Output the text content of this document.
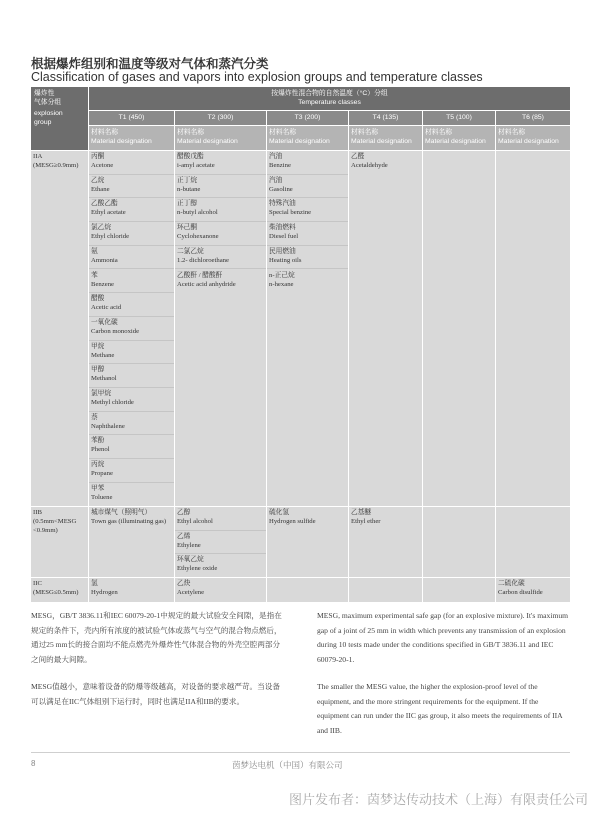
根据爆炸组别和温度等级对气体和蒸汽分类
Classification of gases and vapors into explosion groups and temperature classes
爆炸性
气体分组
explosion
group
按爆炸性混合物的自然温度（°C）分组
Temperature classes
T1 (450)
材料名称
Material designation
T2 (300)
材料名称
Material designation
T3 (200)
材料名称
Material designation
T4 (135)
材料名称
Material designation
T5 (100)
材料名称
Material designation
T6 (85)
材料名称
Material designation
IIA
(MESG≥0.9mm)
丙酮
Acetone
乙烷
Ethane
乙酸乙酯
Ethyl acetate
氯乙烷
Ethyl chloride
氨
Ammonia
苯
Benzene
醋酸
Acetic acid
一氧化碳
Carbon monoxide
甲烷
Methane
甲醇
Methanol
氯甲烷
Methyl chloride
萘
Naphthalene
苯酚
Phenol
丙烷
Propane
甲苯
Toluene
醋酸戊酯
i-amyl acetate
正丁烷
n-butane
正丁醇
n-butyl alcohol
环己酮
Cyclohexanone
二氯乙烷
1.2- dichloroethane
乙酸酐 / 醋酸酐
Acetic acid anhydride
汽油
Benzine
汽油
Gasoline
特殊汽油
Special benzine
柴油燃料
Diesel fuel
民用燃油
Heating oils
n-正己烷
n-hexane
乙醛
Acetaldehyde
IIB
(0.5mm<MESG <0.9mm)
城市煤气（照明气）
Town gas (illuminating gas)
乙醇
Ethyl alcohol
乙烯
Ethylene
环氧乙烷
Ethylene oxide
硫化氢
Hydrogen sulfide
乙基醚
Ethyl ether
IIC
(MESG≤0.5mm)
氢
Hydrogen
乙炔
Acetylene
二硫化碳
Carbon disulfide
MESG，GB/T 3836.11和IEC 60079-20-1中规定的最大试验安全间隙，是指在规定的条件下，壳内所有浓度的被试验气体或蒸气与空气的混合物点燃后，通过25 mm长的接合面均不能点燃壳外爆炸性气体混合物的外壳空腔两部分之间的最大间隙。
MESG值越小，意味着设备的防爆等级越高，对设备的要求越严苛。当设备可以满足在IIC气体组别下运行时，同时也满足IIA和IIB的要求。
MESG, maximum experimental safe gap (for an explosive mixture). It's maximum gap of a joint of 25 mm in width which prevents any transmission of an explosion during 10 tests made under the conditions specified in GB/T 3836.11 and IEC 60079-20-1.
The smaller the MESG value, the higher the explosion-proof level of the equipment, and the more stringent requirements for the equipment. If the equipment can run under the IIC gas group, it also meets the requirements of IIA and IIB.
8	茵梦达电机（中国）有限公司
图片发布者：茵梦达传动技术（上海）有限责任公司
